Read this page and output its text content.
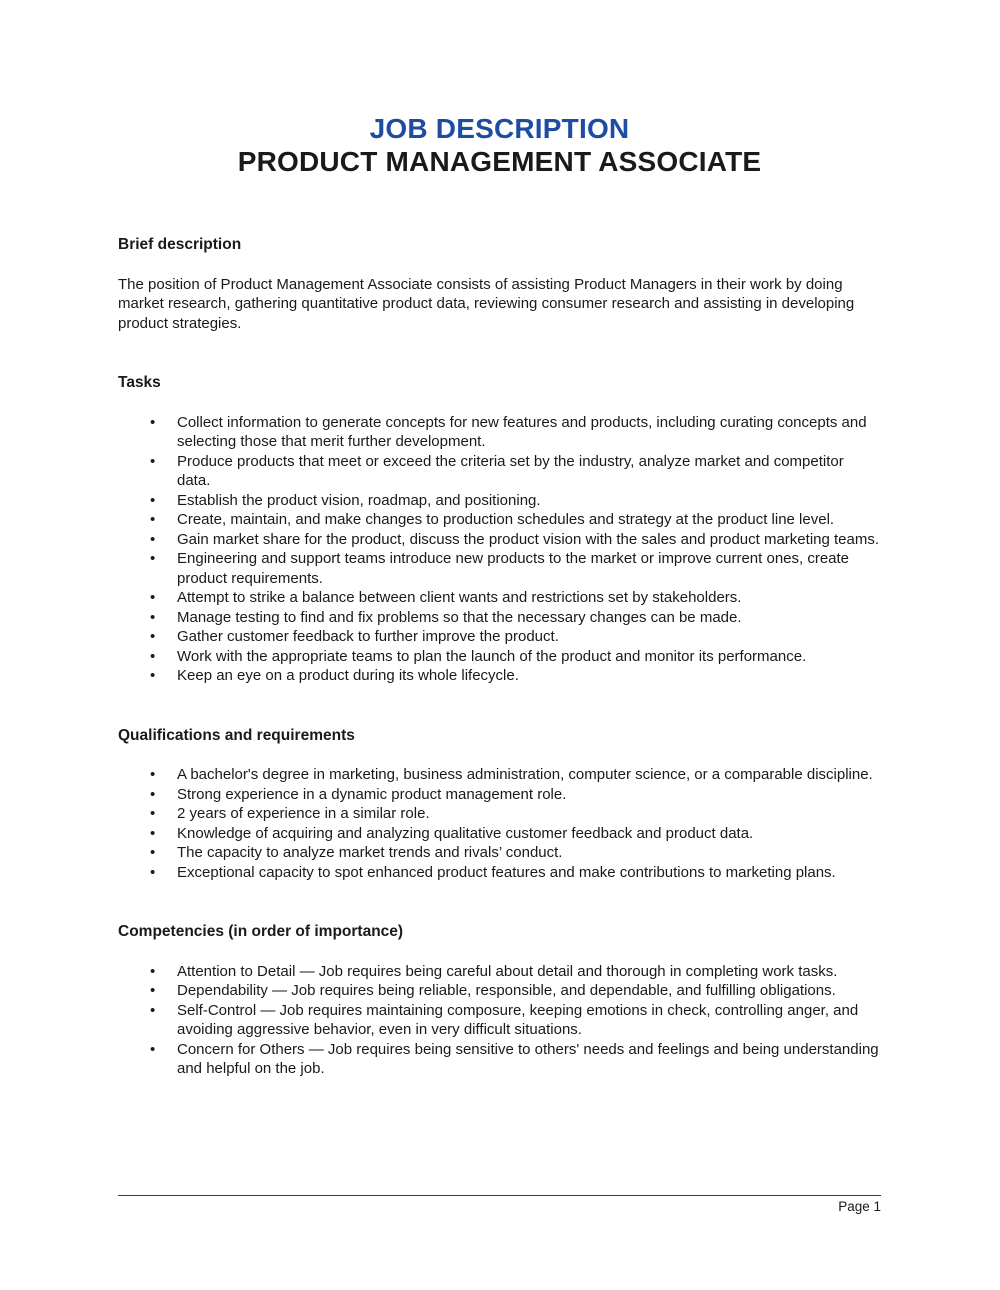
JOB DESCRIPTION
PRODUCT MANAGEMENT ASSOCIATE
Brief description

The position of Product Management Associate consists of assisting Product Managers in their work by doing market research, gathering quantitative product data, reviewing consumer research and assisting in developing product strategies.

Tasks
• Collect information to generate concepts for new features and products, including curating concepts and selecting those that merit further development.
• Produce products that meet or exceed the criteria set by the industry, analyze market and competitor data.
• Establish the product vision, roadmap, and positioning.
• Create, maintain, and make changes to production schedules and strategy at the product line level.
• Gain market share for the product, discuss the product vision with the sales and product marketing teams.
• Engineering and support teams introduce new products to the market or improve current ones, create product requirements.
• Attempt to strike a balance between client wants and restrictions set by stakeholders.
• Manage testing to find and fix problems so that the necessary changes can be made.
• Gather customer feedback to further improve the product.
• Work with the appropriate teams to plan the launch of the product and monitor its performance.
• Keep an eye on a product during its whole lifecycle.
Qualifications and requirements
• A bachelor's degree in marketing, business administration, computer science, or a comparable discipline.
• Strong experience in a dynamic product management role.
• 2 years of experience in a similar role.
• Knowledge of acquiring and analyzing qualitative customer feedback and product data.
• The capacity to analyze market trends and rivals’ conduct.
• Exceptional capacity to spot enhanced product features and make contributions to marketing plans.
Competencies (in order of importance)
• Attention to Detail — Job requires being careful about detail and thorough in completing work tasks.
• Dependability — Job requires being reliable, responsible, and dependable, and fulfilling obligations.
• Self-Control — Job requires maintaining composure, keeping emotions in check, controlling anger, and avoiding aggressive behavior, even in very difficult situations.
• Concern for Others — Job requires being sensitive to others' needs and feelings and being understanding and helpful on the job.
Page 1
